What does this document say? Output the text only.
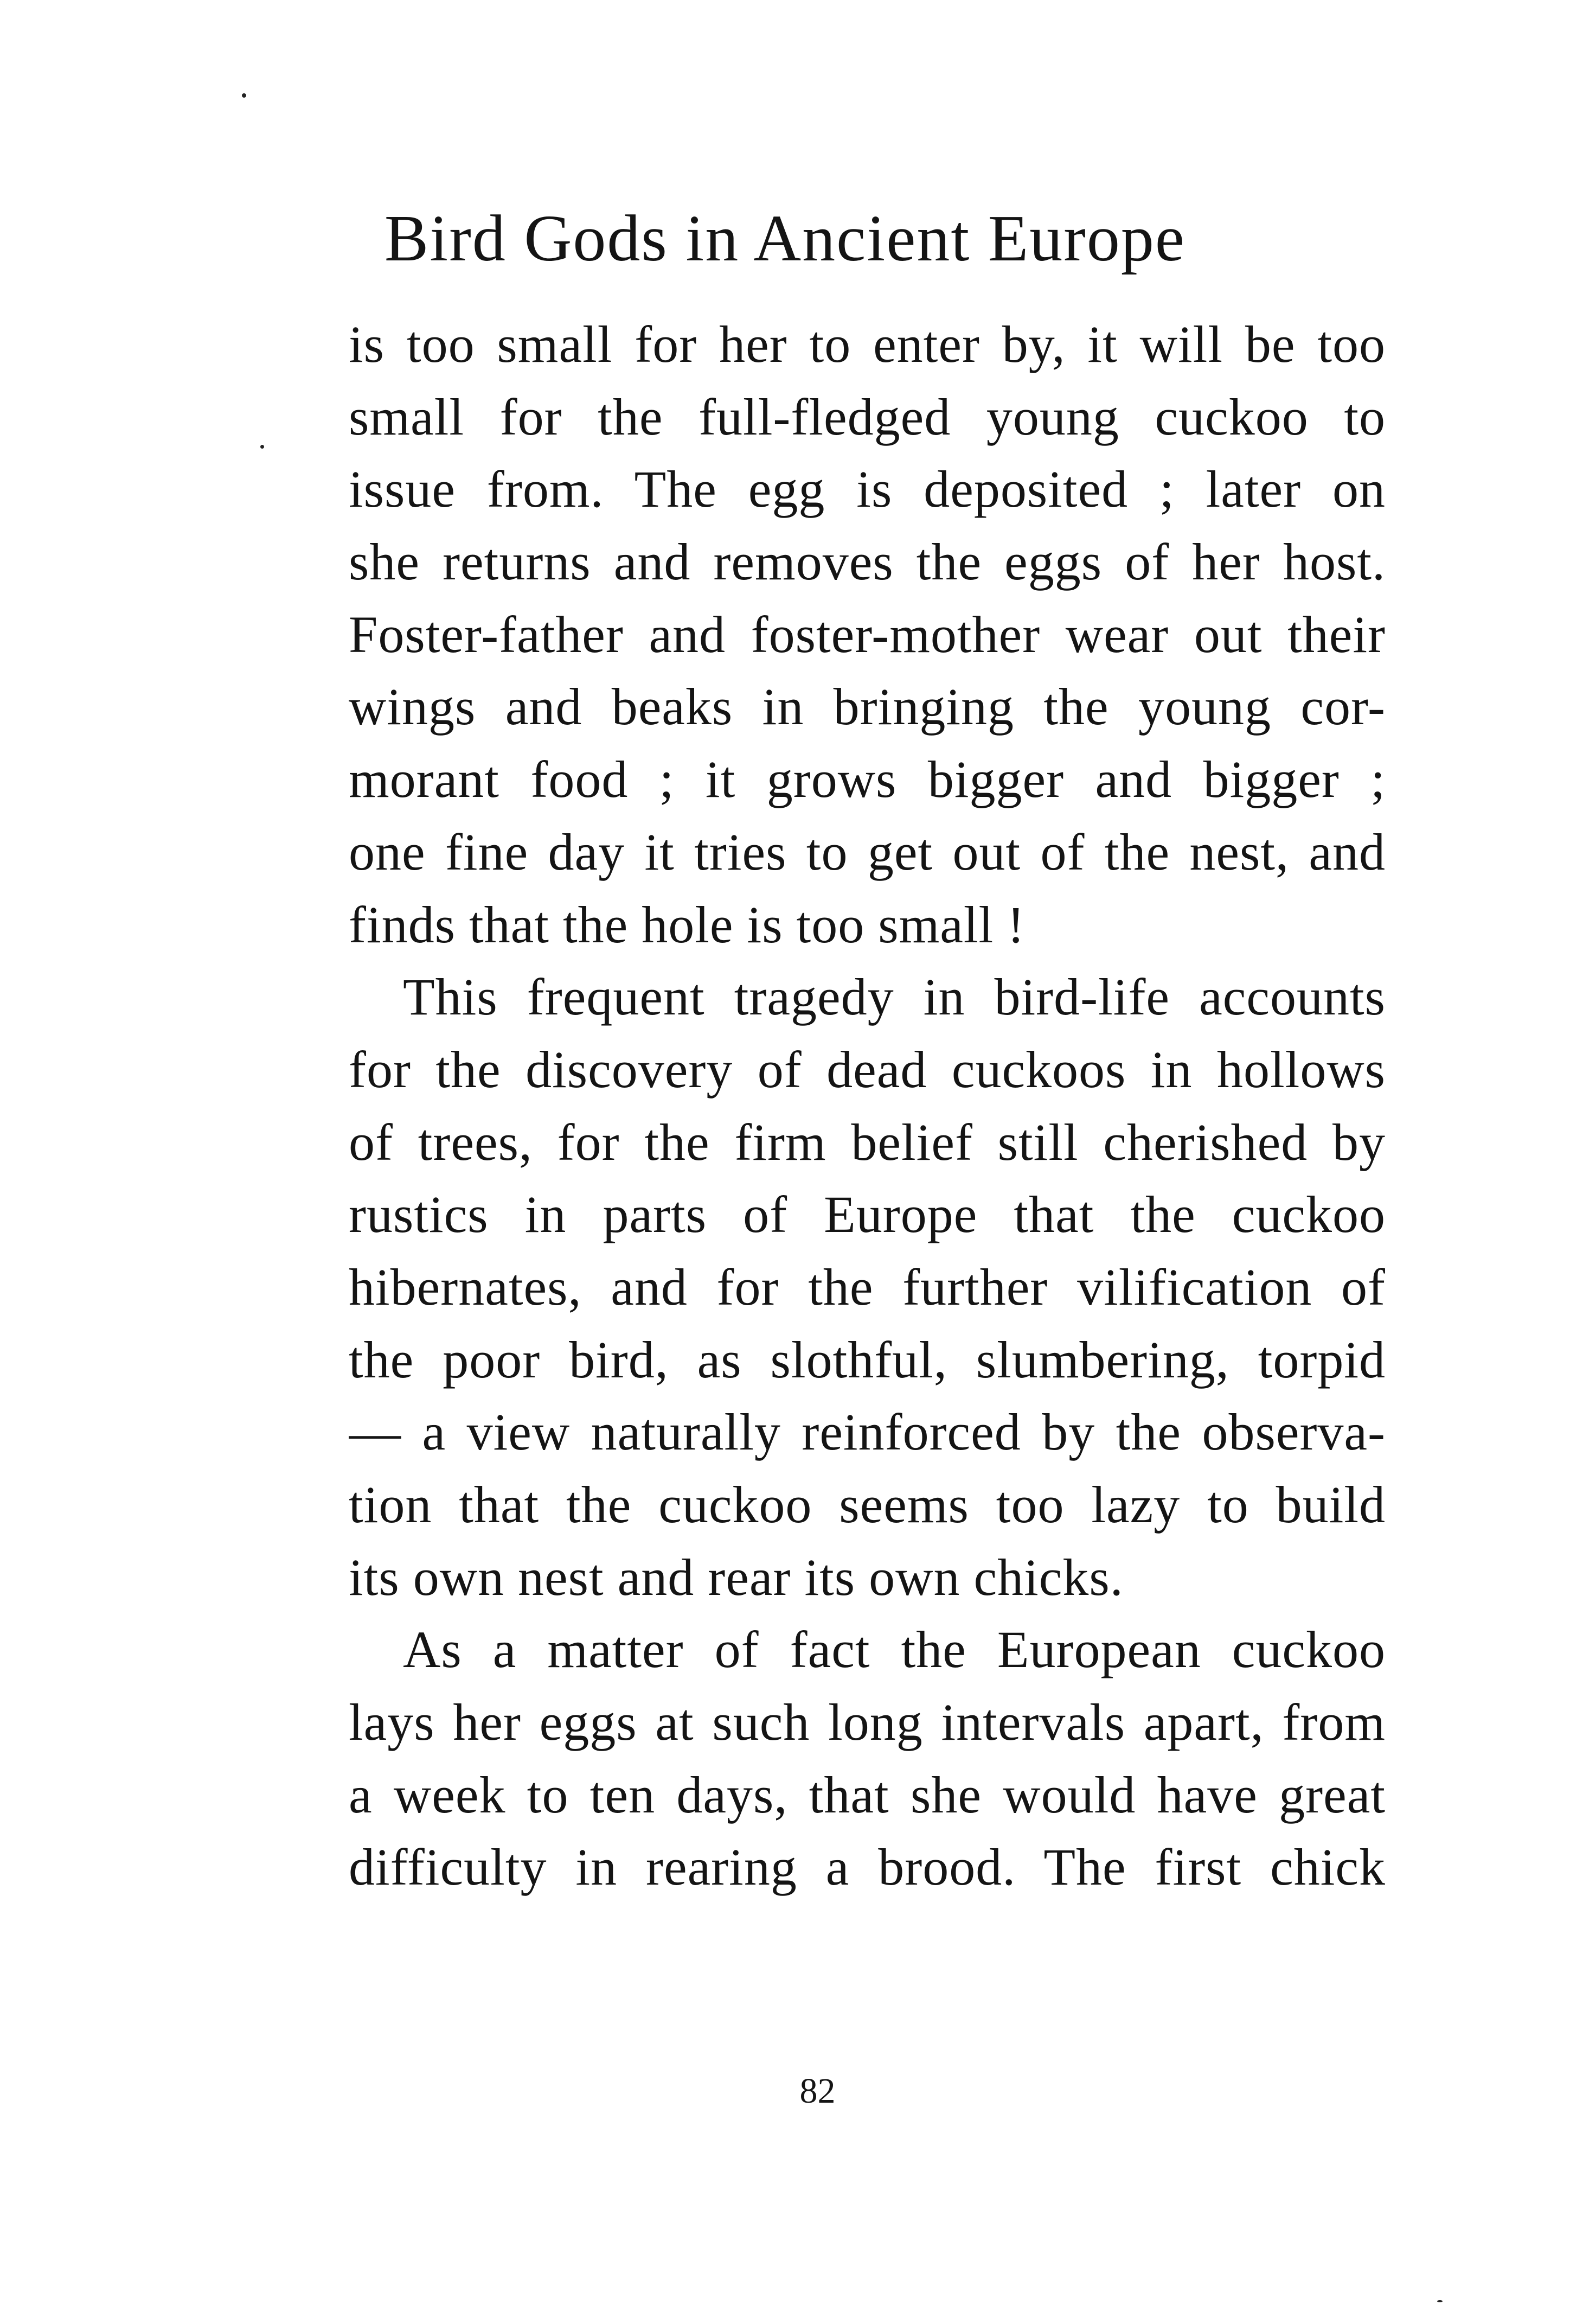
Bird Gods in Ancient Europe
is too small for her to enter by, it will be too
small for the full-fledged young cuckoo to
issue from. The egg is deposited ; later on
she returns and removes the eggs of her host.
Foster-father and foster-mother wear out their
wings and beaks in bringing the young cor-
morant food ; it grows bigger and bigger ;
one fine day it tries to get out of the nest, and
finds that the hole is too small !
This frequent tragedy in bird-life accounts
for the discovery of dead cuckoos in hollows
of trees, for the firm belief still cherished by
rustics in parts of Europe that the cuckoo
hibernates, and for the further vilification of
the poor bird, as slothful, slumbering, torpid
— a view naturally reinforced by the observa-
tion that the cuckoo seems too lazy to build
its own nest and rear its own chicks.
As a matter of fact the European cuckoo
lays her eggs at such long intervals apart, from
a week to ten days, that she would have great
difficulty in rearing a brood. The first chick
82
